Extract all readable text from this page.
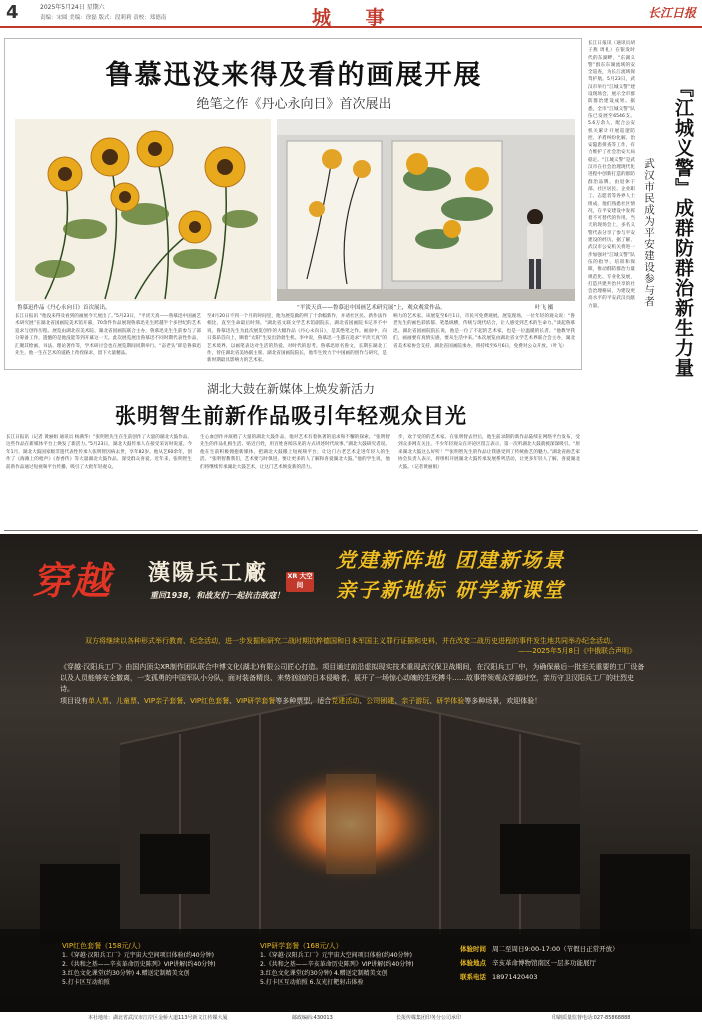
4	2025年5月24日 星期六
责编：宋圆 美编：徐磊 版式：段莉莉 责校：郑德南	城 事	长江日报
鲁慕迅没来得及看的画展开展
绝笔之作《丹心永向日》首次展出
鲁慕迅作品《丹心永向日》首次展出。	“平淡天真——鲁慕迅中国画艺术研究展”上，观众观赏作品。	叶飞 摄
长江日报讯 “他没来得及看到的画展今天展出了。”5月23日，“平淡天真——鲁慕迅中国画艺术研究展”在湖北省国画院美术馆开幕，70余件作品展现鲁慕迅先生跨越半个多世纪的艺术追求与创作历程。展览由湖北省美术院、湖北省国画院联合主办，鲁慕迅先生生前参与了部分筹备工作，遗憾的是他没能等到开幕这一天。此次展览展出鲁慕迅不同时期代表性作品，汇聚其绘画、书法、理论著作等，学术研讨会也在展览期间同期举行。“奋老头”即是鲁慕迅先生，他一生在艺术的道路上孜孜探求，留下大量精品。
至4月20日不到一个月的时间里，他为展览做的所了十余幅新作，并请社区民、新作法作相比，直至生命最后时刻。“湖北省文联文学艺术馆副院长、湖北省国画院书记李不中说，鲁慕迅先生为此次展览创作的大幅作品《丹心永向日》，是其绝笔之作。画面中，向日葵昂首向上，顺着“太阳”生发出勃勃生机。李中说，鲁慕迅一生都在追求“平淡天真”的艺术境界，以画笔表达对生活的热爱、对时代的思考。鲁慕迅原名鲁文，长期在湖北工作，曾任湖北省美协副主席、湖北省国画院院长，他毕生致力于中国画的创作与研究，是新时期最具影响力的艺术家。
响力的艺术家。该展览至6月1日，市民可免费观展。展览现场，一位年轻的观众说：“鲁老先生的画色彩浓郁、笔墨纵横，传统与现代结合，让人感受到艺术的生命力。”谈起鲁慕迅，湖北省国画院院长说，他是一位了不起的艺术家，也是一位温暖的长者。“他教导我们，画画要有真情实感，要从生活中来。”本次展览由湖北省文学艺术界联合会主办，湖北省美术家协会支持，湖北省国画院承办，将持续至6月6日，免费对公众开放。（叶飞）
长江日报讯（通讯员胡子燕 周礼）在银发时代的东湖畔，“东湖义警”群东东湖流域的安全巡查，为长江流域保驾护航。5月23日，武汉市举行“江城义警”建设现场会，展示全市群防群治建设成果。据悉，全市“江城义警”队伍已发展至6546支、5.6万余人，配合公安机关累计开展巡逻防控、矛盾纠纷化解、治安隐患排查等工作，有力维护了社会治安大局稳定。“江城义警”是武汉市在社会治理现代化进程中创新打造的群防群治品牌，由退休干部、社区居民、企业职工、志愿者等各界人士组成，他们熟悉社区情况，在平安建设中发挥着不可替代的作用。当天的现场会上，多名义警代表分享了参与平安建设的经历。据了解，武汉市公安机关将进一步加强对“江城义警”队伍的指导、培训和保障，推动群防群治力量规范化、专业化发展，打造共建共治共享的社会治理格局，为建设更高水平的平安武汉贡献力量。	『江城义警』成群防群治新生力量
武汉市民成为平安建设参与者
湖北大鼓在新媒体上焕发新活力
张明智生前新作品吸引年轻观众目光
长江日报讯（记者 黄丽娟 通讯员 杨满华）“张明智先生在生前创作了大量的湖北大鼓作品，这些作品在新媒体平台上焕发了新活力。”5月23日，湖北大鼓传承人在接受采访时说道。今年1月，湖北大鼓国家级非遗代表性传承人张明智因病去世，享年82岁。他从艺60余年，创作了《海滩上的枪声》《春香传》等大量湖北大鼓作品，深受群众喜爱。近年来，张明智生前新作品通过短视频平台传播，吸引了大批年轻观众。
生心血创作并演唱了大量的湖北大鼓作品，他对艺术有着执著的追求和不懈的探索。“张明智先生的作品扎根生活、贴近百姓，用百姓喜闻乐见的方式讲述时代故事。”湖北大鼓研究者说。他在生前积极拥抱新媒体，把湖北大鼓搬上短视频平台，让这门古老艺术走进年轻人的生活。“张明智教我们，艺术要与时俱进，要让更多的人了解和喜爱湖北大鼓。”他的学生说，他们将继续传承湖北大鼓艺术，让这门艺术焕发新的活力。
步，欢于受的的艺术家。在张明智去世后，他生前录制的新作品陆续在网络平台发布，受到众多网友关注。不少年轻观众在评论区留言表示，第一次听湖北大鼓就被深深吸引。“原来湖北大鼓这么好听！”“张明智先生的作品让我感受到了传统曲艺的魅力。”湖北省曲艺家协会负责人表示，将组织开展湖北大鼓传承发展系列活动，让更多年轻人了解、喜爱湖北大鼓。（记者黄丽娟）
穿越 漢陽兵工廠	XR 大空间
重回1938，和战友们一起抗击敌寇！
党建新阵地 团建新场景
亲子新地标 研学新课堂
双方将继续以各种形式举行教育、纪念活动，进一步发掘和研究二战时期抗粹德国和日本军国主义罪行证据和史料，并在改变二战历史进程的事件发生地共同举办纪念活动。
——2025年5月8日《中俄联合声明》
《穿越·汉阳兵工厂》由国内顶尖XR制作团队联合中博文化(湖北)有限公司匠心打造。项目通过前沿虚拟现实技术重现武汉保卫战期间，在汉阳兵工厂中，为确保最后一批至关重要的工厂设备以及人员能够安全撤离，一支孤勇的中国军队小分队，面对装备精良、来势汹汹的日本侵略者，展开了一场惊心动魄的生死搏斗……故事带领观众穿越时空，亲历守卫汉阳兵工厂的壮烈史诗。
项目设有单人票、儿童票、VIP亲子套餐、VIP红色套餐、VIP研学套餐等多种票型，适合党建活动、公司团建、亲子游玩、研学体验等多种场景，欢迎体验！
VIP红色套餐（158元/人）
1.《穿越·汉阳兵工厂》元宇宙大空间项目体验(约40分钟)
2.《共和之基——辛亥革命历史陈列》VIP讲解(约40分钟)
3.红色文化课堂(约30分钟) 4.赠送定制精美文创
5.打卡区互动拍照
VIP研学套餐（168元/人）
1.《穿越·汉阳兵工厂》元宇宙大空间项目体验(约40分钟)
2.《共和之基——辛亥革命历史陈列》VIP讲解(约40分钟)
3.红色文化课堂(约30分钟) 4.赠送定制精美文创
5.打卡区互动拍照 6.友光打靶射击体验
体验时间 周二至周日9:00-17:00（节假日正常开放）
体验地点 辛亥革命博物馆南区一层多功能展厅
联系电话 18971420403
本社地址：湖北省武汉市江岸区金桥大道113号新文江传媒大厦	邮政编码:430013	长报传媒集团印务分公司承印	印刷质量监督电话:027-85868888
